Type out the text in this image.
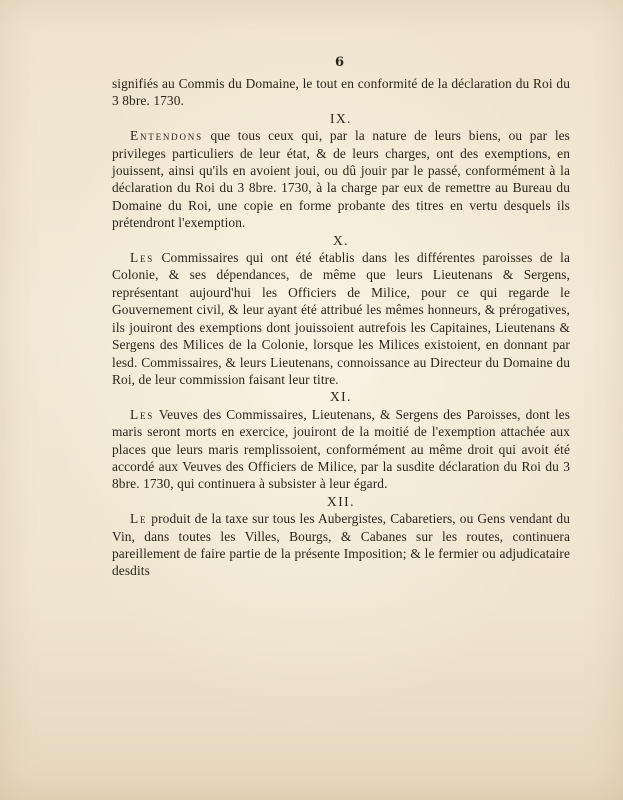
6

signifiés au Commis du Domaine, le tout en conformité de la déclaration du Roi du 3 8bre. 1730.

IX.

Entendons que tous ceux qui, par la nature de leurs biens, ou par les privileges particuliers de leur état, & de leurs charges, ont des exemptions, en jouissent, ainsi qu'ils en avoient joui, ou dû jouir par le passé, conformément à la déclaration du Roi du 3 8bre. 1730, à la charge par eux de remettre au Bureau du Domaine du Roi, une copie en forme probante des titres en vertu desquels ils prétendront l'exemption.

X.

Les Commissaires qui ont été établis dans les différentes paroisses de la Colonie, & ses dépendances, de même que leurs Lieutenans & Sergens, représentant aujourd'hui les Officiers de Milice, pour ce qui regarde le Gouvernement civil, & leur ayant été attribué les mêmes honneurs, & prérogatives, ils jouiront des exemptions dont jouissoient autrefois les Capitaines, Lieutenans & Sergens des Milices de la Colonie, lorsque les Milices existoient, en donnant par lesd. Commissaires, & leurs Lieutenans, connoissance au Directeur du Domaine du Roi, de leur commission faisant leur titre.

XI.

Les Veuves des Commissaires, Lieutenans, & Sergens des Paroisses, dont les maris seront morts en exercice, jouiront de la moitié de l'exemption attachée aux places que leurs maris remplissoient, conformément au même droit qui avoit été accordé aux Veuves des Officiers de Milice, par la susdite déclaration du Roi du 3 8bre. 1730, qui continuera à subsister à leur égard.

XII.

Le produit de la taxe sur tous les Aubergistes, Cabaretiers, ou Gens vendant du Vin, dans toutes les Villes, Bourgs, & Cabanes sur les routes, continuera pareillement de faire partie de la présente Imposition; & le fermier ou adjudicataire desdits
